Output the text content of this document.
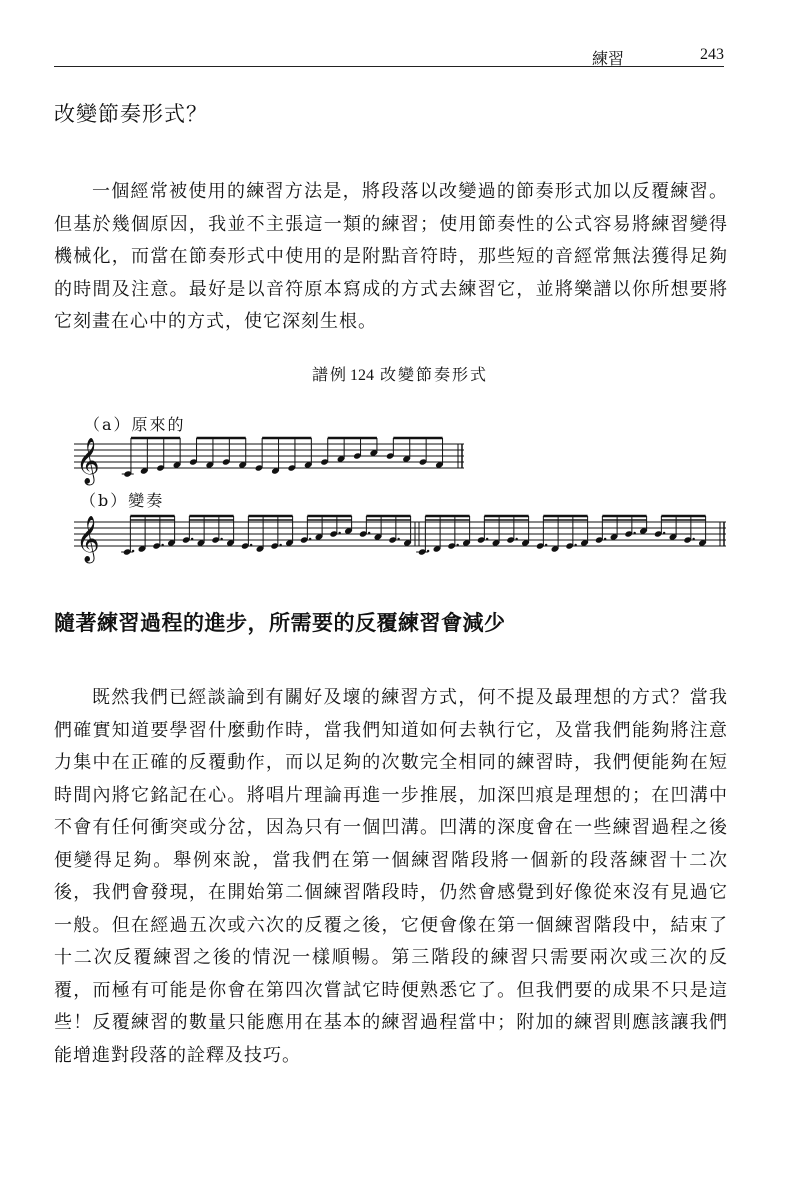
練習	243
改變節奏形式？

一個經常被使用的練習方法是，將段落以改變過的節奏形式加以反覆練習。但基於幾個原因，我並不主張這一類的練習；使用節奏性的公式容易將練習變得機械化，而當在節奏形式中使用的是附點音符時，那些短的音經常無法獲得足夠的時間及注意。最好是以音符原本寫成的方式去練習它，並將樂譜以你所想要將它刻畫在心中的方式，使它深刻生根。

譜例 124 改變節奏形式
（a）原來的
𝄞
（b）變奏
𝄞
隨著練習過程的進步，所需要的反覆練習會減少

既然我們已經談論到有關好及壞的練習方式，何不提及最理想的方式？當我們確實知道要學習什麼動作時，當我們知道如何去執行它，及當我們能夠將注意力集中在正確的反覆動作，而以足夠的次數完全相同的練習時，我們便能夠在短時間內將它銘記在心。將唱片理論再進一步推展，加深凹痕是理想的；在凹溝中不會有任何衝突或分岔，因為只有一個凹溝。凹溝的深度會在一些練習過程之後便變得足夠。舉例來說，當我們在第一個練習階段將一個新的段落練習十二次後，我們會發現，在開始第二個練習階段時，仍然會感覺到好像從來沒有見過它一般。但在經過五次或六次的反覆之後，它便會像在第一個練習階段中，結束了十二次反覆練習之後的情況一樣順暢。第三階段的練習只需要兩次或三次的反覆，而極有可能是你會在第四次嘗試它時便熟悉它了。但我們要的成果不只是這些！反覆練習的數量只能應用在基本的練習過程當中；附加的練習則應該讓我們能增進對段落的詮釋及技巧。
